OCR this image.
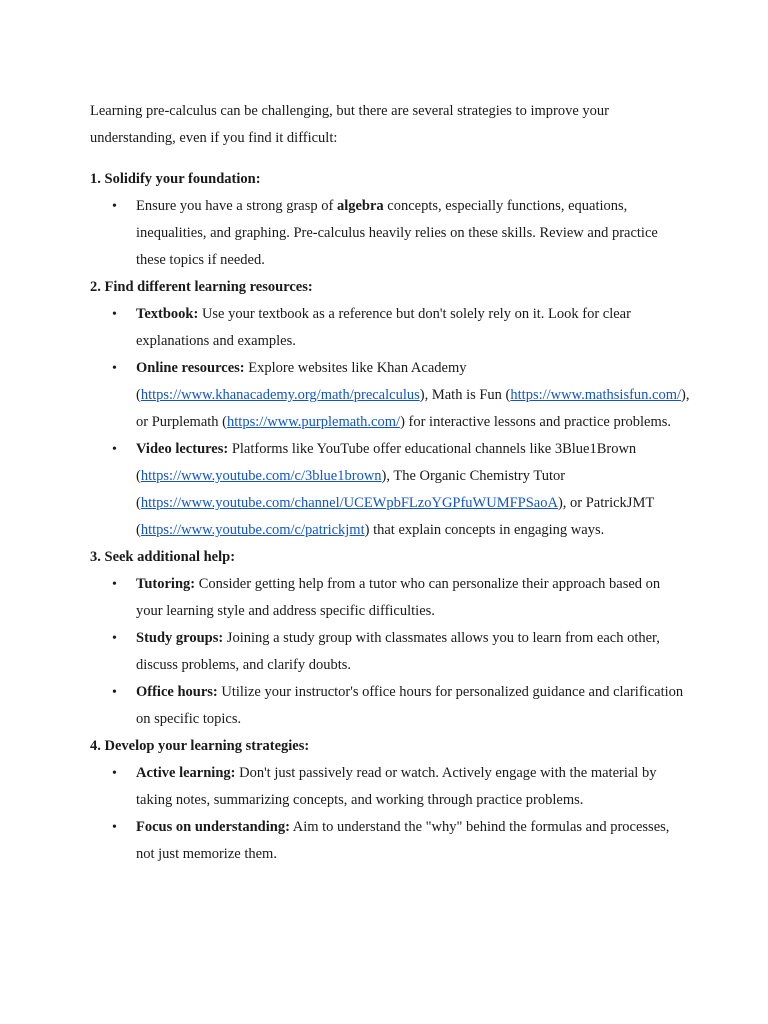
Learning pre-calculus can be challenging, but there are several strategies to improve your understanding, even if you find it difficult:

1. Solidify your foundation:
• Ensure you have a strong grasp of algebra concepts, especially functions, equations, inequalities, and graphing. Pre-calculus heavily relies on these skills. Review and practice these topics if needed.
2. Find different learning resources:
• Textbook: Use your textbook as a reference but don't solely rely on it. Look for clear explanations and examples.
• Online resources: Explore websites like Khan Academy (https://www.khanacademy.org/math/precalculus), Math is Fun (https://www.mathsisfun.com/), or Purplemath (https://www.purplemath.com/) for interactive lessons and practice problems.
• Video lectures: Platforms like YouTube offer educational channels like 3Blue1Brown (https://www.youtube.com/c/3blue1brown), The Organic Chemistry Tutor (https://www.youtube.com/channel/UCEWpbFLzoYGPfuWUMFPSaoA), or PatrickJMT (https://www.youtube.com/c/patrickjmt) that explain concepts in engaging ways.
3. Seek additional help:
• Tutoring: Consider getting help from a tutor who can personalize their approach based on your learning style and address specific difficulties.
• Study groups: Joining a study group with classmates allows you to learn from each other, discuss problems, and clarify doubts.
• Office hours: Utilize your instructor's office hours for personalized guidance and clarification on specific topics.
4. Develop your learning strategies:
• Active learning: Don't just passively read or watch. Actively engage with the material by taking notes, summarizing concepts, and working through practice problems.
• Focus on understanding: Aim to understand the "why" behind the formulas and processes, not just memorize them.
